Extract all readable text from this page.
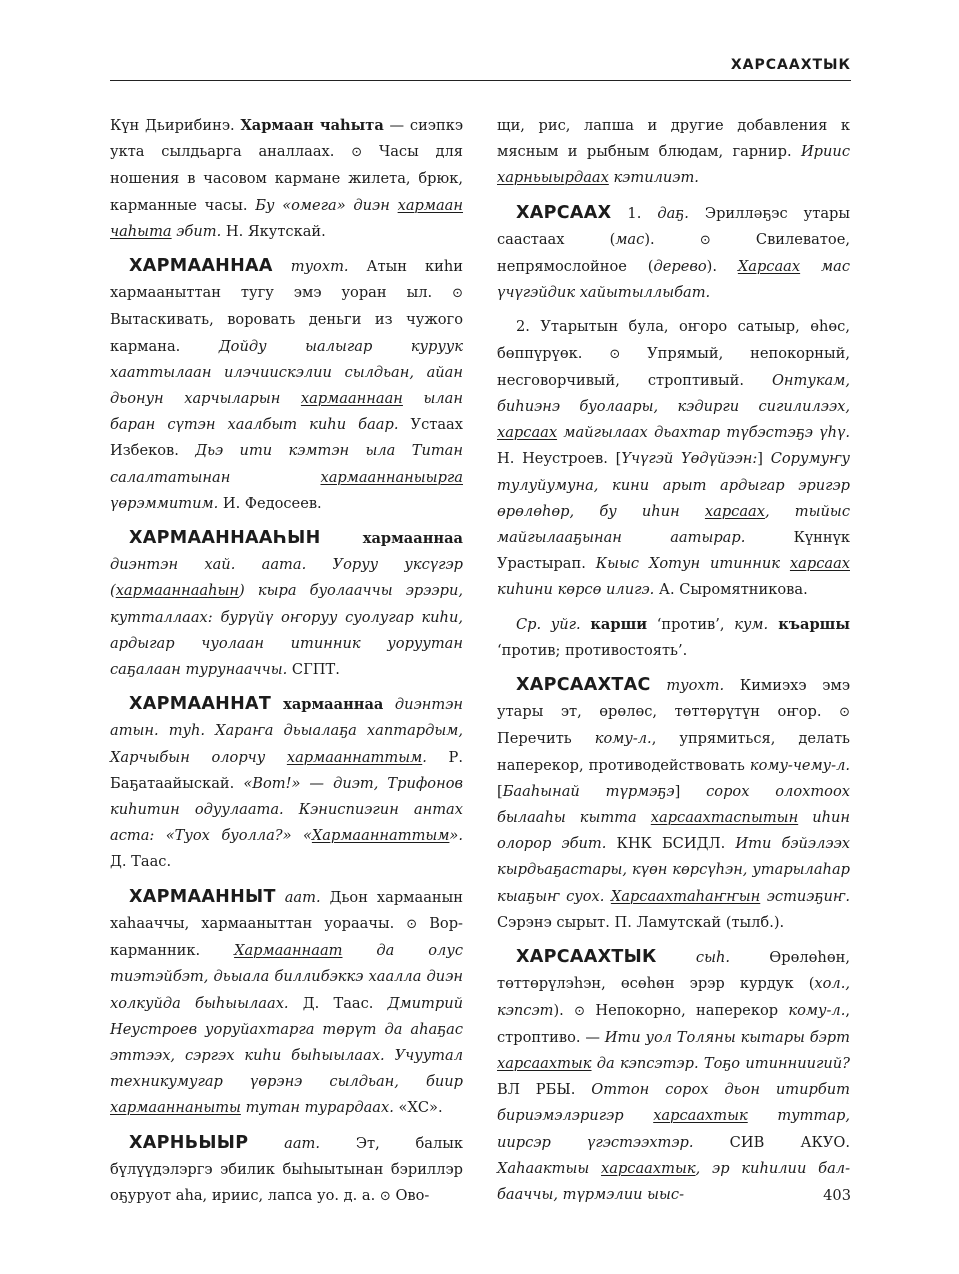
ХАРСААХТЫК

Күн Дьирибинэ. Хармаан чаһыта — сиэпкэ укта сылдьарга аналлаах. ⊙ Часы для ношения в часовом кармане жилета, брюк, карманные часы. Бу «омега» диэн хармаан чаһыта эбит. Н. Якутскай.

ХАРМААННАА туохт. Атын киһи хармааныттан тугу эмэ уоран ыл. ⊙ Вытаскивать, воровать деньги из чужого кармана. Дойду ыалыгар куруук хааттылаан илэчиискэлии сылдьан, айан дьонун харчыларын хармааннаан ылан баран сүтэн хаалбыт киһи баар. Устаах Избеков. Дьэ ити кэмтэн ыла Титан салалтатынан хармааннаныырга үөрэммитим. И. Федосеев.

ХАРМААННААҺЫН хармааннаа диэнтэн хай. аата. Уоруу уксүгэр (хармааннааһын) кыра буолааччы эрээри, кутталлаах: бурүйү оҥоруу суолугар киһи, ардыгар чуолаан итинник уоруутан саҕалаан турунааччы. СГПТ.

ХАРМААННАТ хармааннаа диэнтэн атын. туһ. Хараҥа дьыалаҕа хаптардым, Харчыбын олорчу хармааннаттым. Р. Баҕатаайыскай. «Вот!» — диэт, Трифонов киһитин одуулаата. Кэниспиэгин антах аста: «Туох буолла?» «Хармааннаттым». Д. Таас.

ХАРМААННЫТ аат. Дьон хармаанын хаһааччы, хармааныттан уораачы. ⊙ Вор-карманник. Хармааннаат да олус тиэтэйбэт, дьыала биллибэккэ хаалла диэн холкуйда быһыылаах. Д. Таас. Дмитрий Неустроев уоруйахтарга төрүт да аһаҕас эттээх, сэргэх киһи быһыылаах. Учуутал техникумугар үөрэнэ сылдьан, биир хармааннаныты тутан турардаах. «ХС».

ХАРНЬЫЫР аат. Эт, балык бүлүүдэлэргэ эбилик быһыытынан бэриллэр оҕуруот аһа, ириис, лапса уо. д. а. ⊙ Ово-

щи, рис, лапша и другие добавления к мясным и рыбным блюдам, гарнир. Ириис харньыырдаах кэтилиэт.

ХАРСААХ 1. даҕ. Эрилләҕэс утары саастаах (мас). ⊙ Свилеватое, непрямослойное (дерево). Харсаах мас үчүгэйдик хайытыллыбат.

2. Утарытын була, оҥоро сатыыр, өһөс, бөппүрүөк. ⊙ Упрямый, непокорный, несговорчивый, строптивый. Онтукам, биһиэнэ буолаары, кэдирги сигилилээх, харсаах майгылаах дьахтар түбэстэҕэ үһү. Н. Неустроев. [Үчүгэй Үөдүйээн:] Сорумуҥу тулуйумуна, кини арыт ардыгар эригэр өрөлөһөр, бу иһин харсаах, тыйыс майгылааҕынан аатырар. Күннүк Урастырап. Кыыс Хотун итинник харсаах киһини көрсө илигэ. А. Сыромятникова.

Ср. уйг. карши ‘против’, кум. къаршы ‘против; противостоять’.

ХАРСААХТАС туохт. Кимиэхэ эмэ утары эт, өрөлөс, төттөрүтүн оҥор. ⊙ Перечить кому-л., упрямиться, делать наперекор, противодействовать кому-чему-л. [Бааһынай түрмэҕэ] сорох олохтоох былааһы кытта харсаахтаспытын иһин олорор эбит. КНК БСИДЛ. Ити бэйэлээх кырдьаҕастары, күөн көрсүһэн, утарылаһар кыаҕыҥ суох. Харсаахтаһаҥҥын эстиэҕиҥ. Сэрэнэ сырыт. П. Ламутскай (тылб.).

ХАРСААХТЫК сыһ. Өрөлөһөн, төттөрүлэһэн, өсөһөн эрэр курдук (хол., кэпсэт). ⊙ Непокорно, наперекор кому-л., строптиво. — Ити уол Толяны кытары бэрт харсаахтык да кэпсэтэр. Тоҕо итинниигий? ВЛ РБЫ. Оттон сорох дьон итирбит бириэмэлэригэр харсаахтык туттар, иирсэр үгэстээхтэр. СИВ АКУО. Хаһаактыы харсаахтык, эр киһилии бал-бааччы, түрмэлии ыыс-	403
